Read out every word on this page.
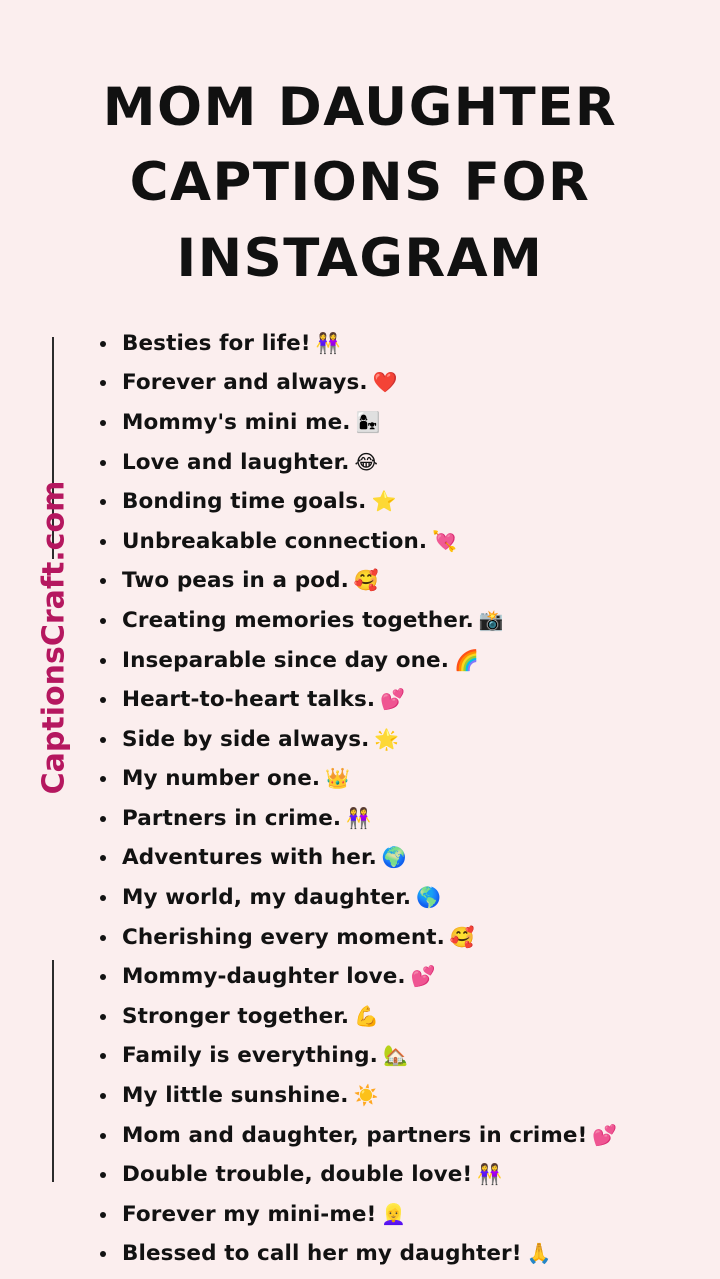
MOM DAUGHTER
CAPTIONS FOR
INSTAGRAM
CaptionsCraft.com
Besties for life! 👭
Forever and always. ❤️
Mommy's mini me. 👩‍👧
Love and laughter. 😂
Bonding time goals. ⭐
Unbreakable connection. 💘
Two peas in a pod. 🥰
Creating memories together. 📸
Inseparable since day one. 🌈
Heart-to-heart talks. 💕
Side by side always. 🌟
My number one. 👑
Partners in crime. 👭
Adventures with her. 🌍
My world, my daughter. 🌎
Cherishing every moment. 🥰
Mommy-daughter love. 💕
Stronger together. 💪
Family is everything. 🏡
My little sunshine. ☀️
Mom and daughter, partners in crime! 💕
Double trouble, double love! 👭
Forever my mini-me! 👱‍♀️
Blessed to call her my daughter! 🙏
